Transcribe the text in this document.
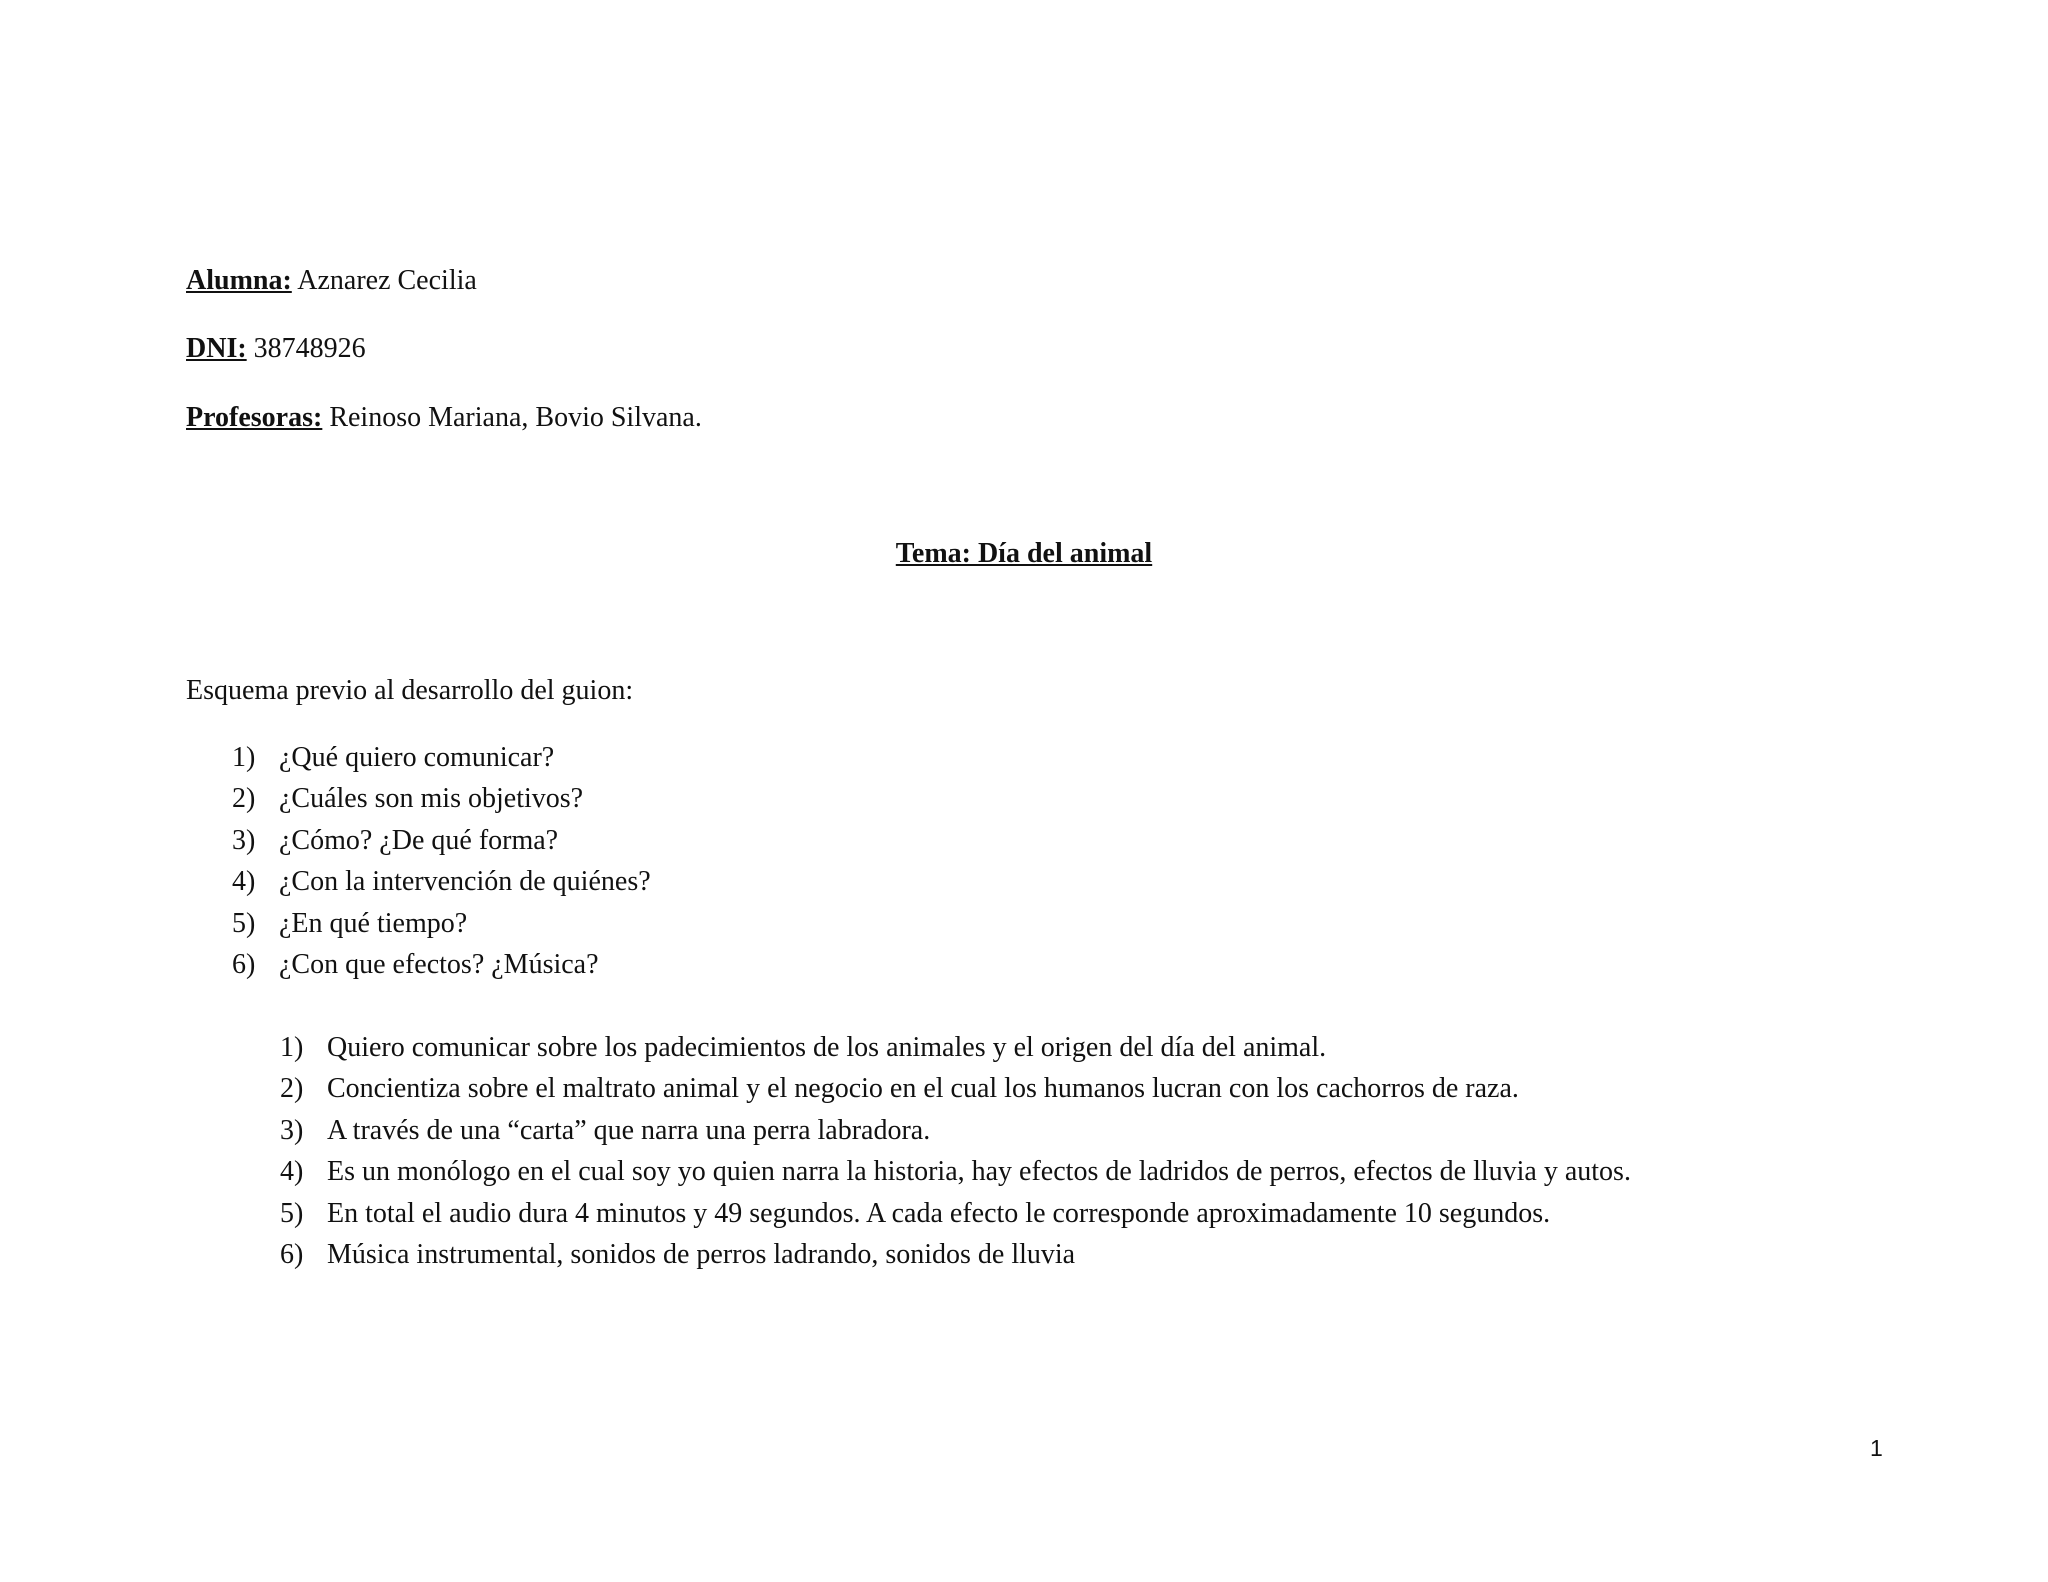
Alumna: Aznarez Cecilia
DNI: 38748926
Profesoras: Reinoso Mariana, Bovio Silvana.
Tema: Día del animal
Esquema previo al desarrollo del guion:
1) ¿Qué quiero comunicar?
2) ¿Cuáles son mis objetivos?
3) ¿Cómo? ¿De qué forma?
4) ¿Con la intervención de quiénes?
5) ¿En qué tiempo?
6) ¿Con que efectos? ¿Música?
1) Quiero comunicar sobre los padecimientos de los animales y el origen del día del animal.
2) Concientiza sobre el maltrato animal y el negocio en el cual los humanos lucran con los cachorros de raza.
3) A través de una “carta” que narra una perra labradora.
4) Es un monólogo en el cual soy yo quien narra la historia, hay efectos de ladridos de perros, efectos de lluvia y autos.
5) En total el audio dura 4 minutos y 49 segundos. A cada efecto le corresponde aproximadamente 10 segundos.
6) Música instrumental, sonidos de perros ladrando, sonidos de lluvia
1
